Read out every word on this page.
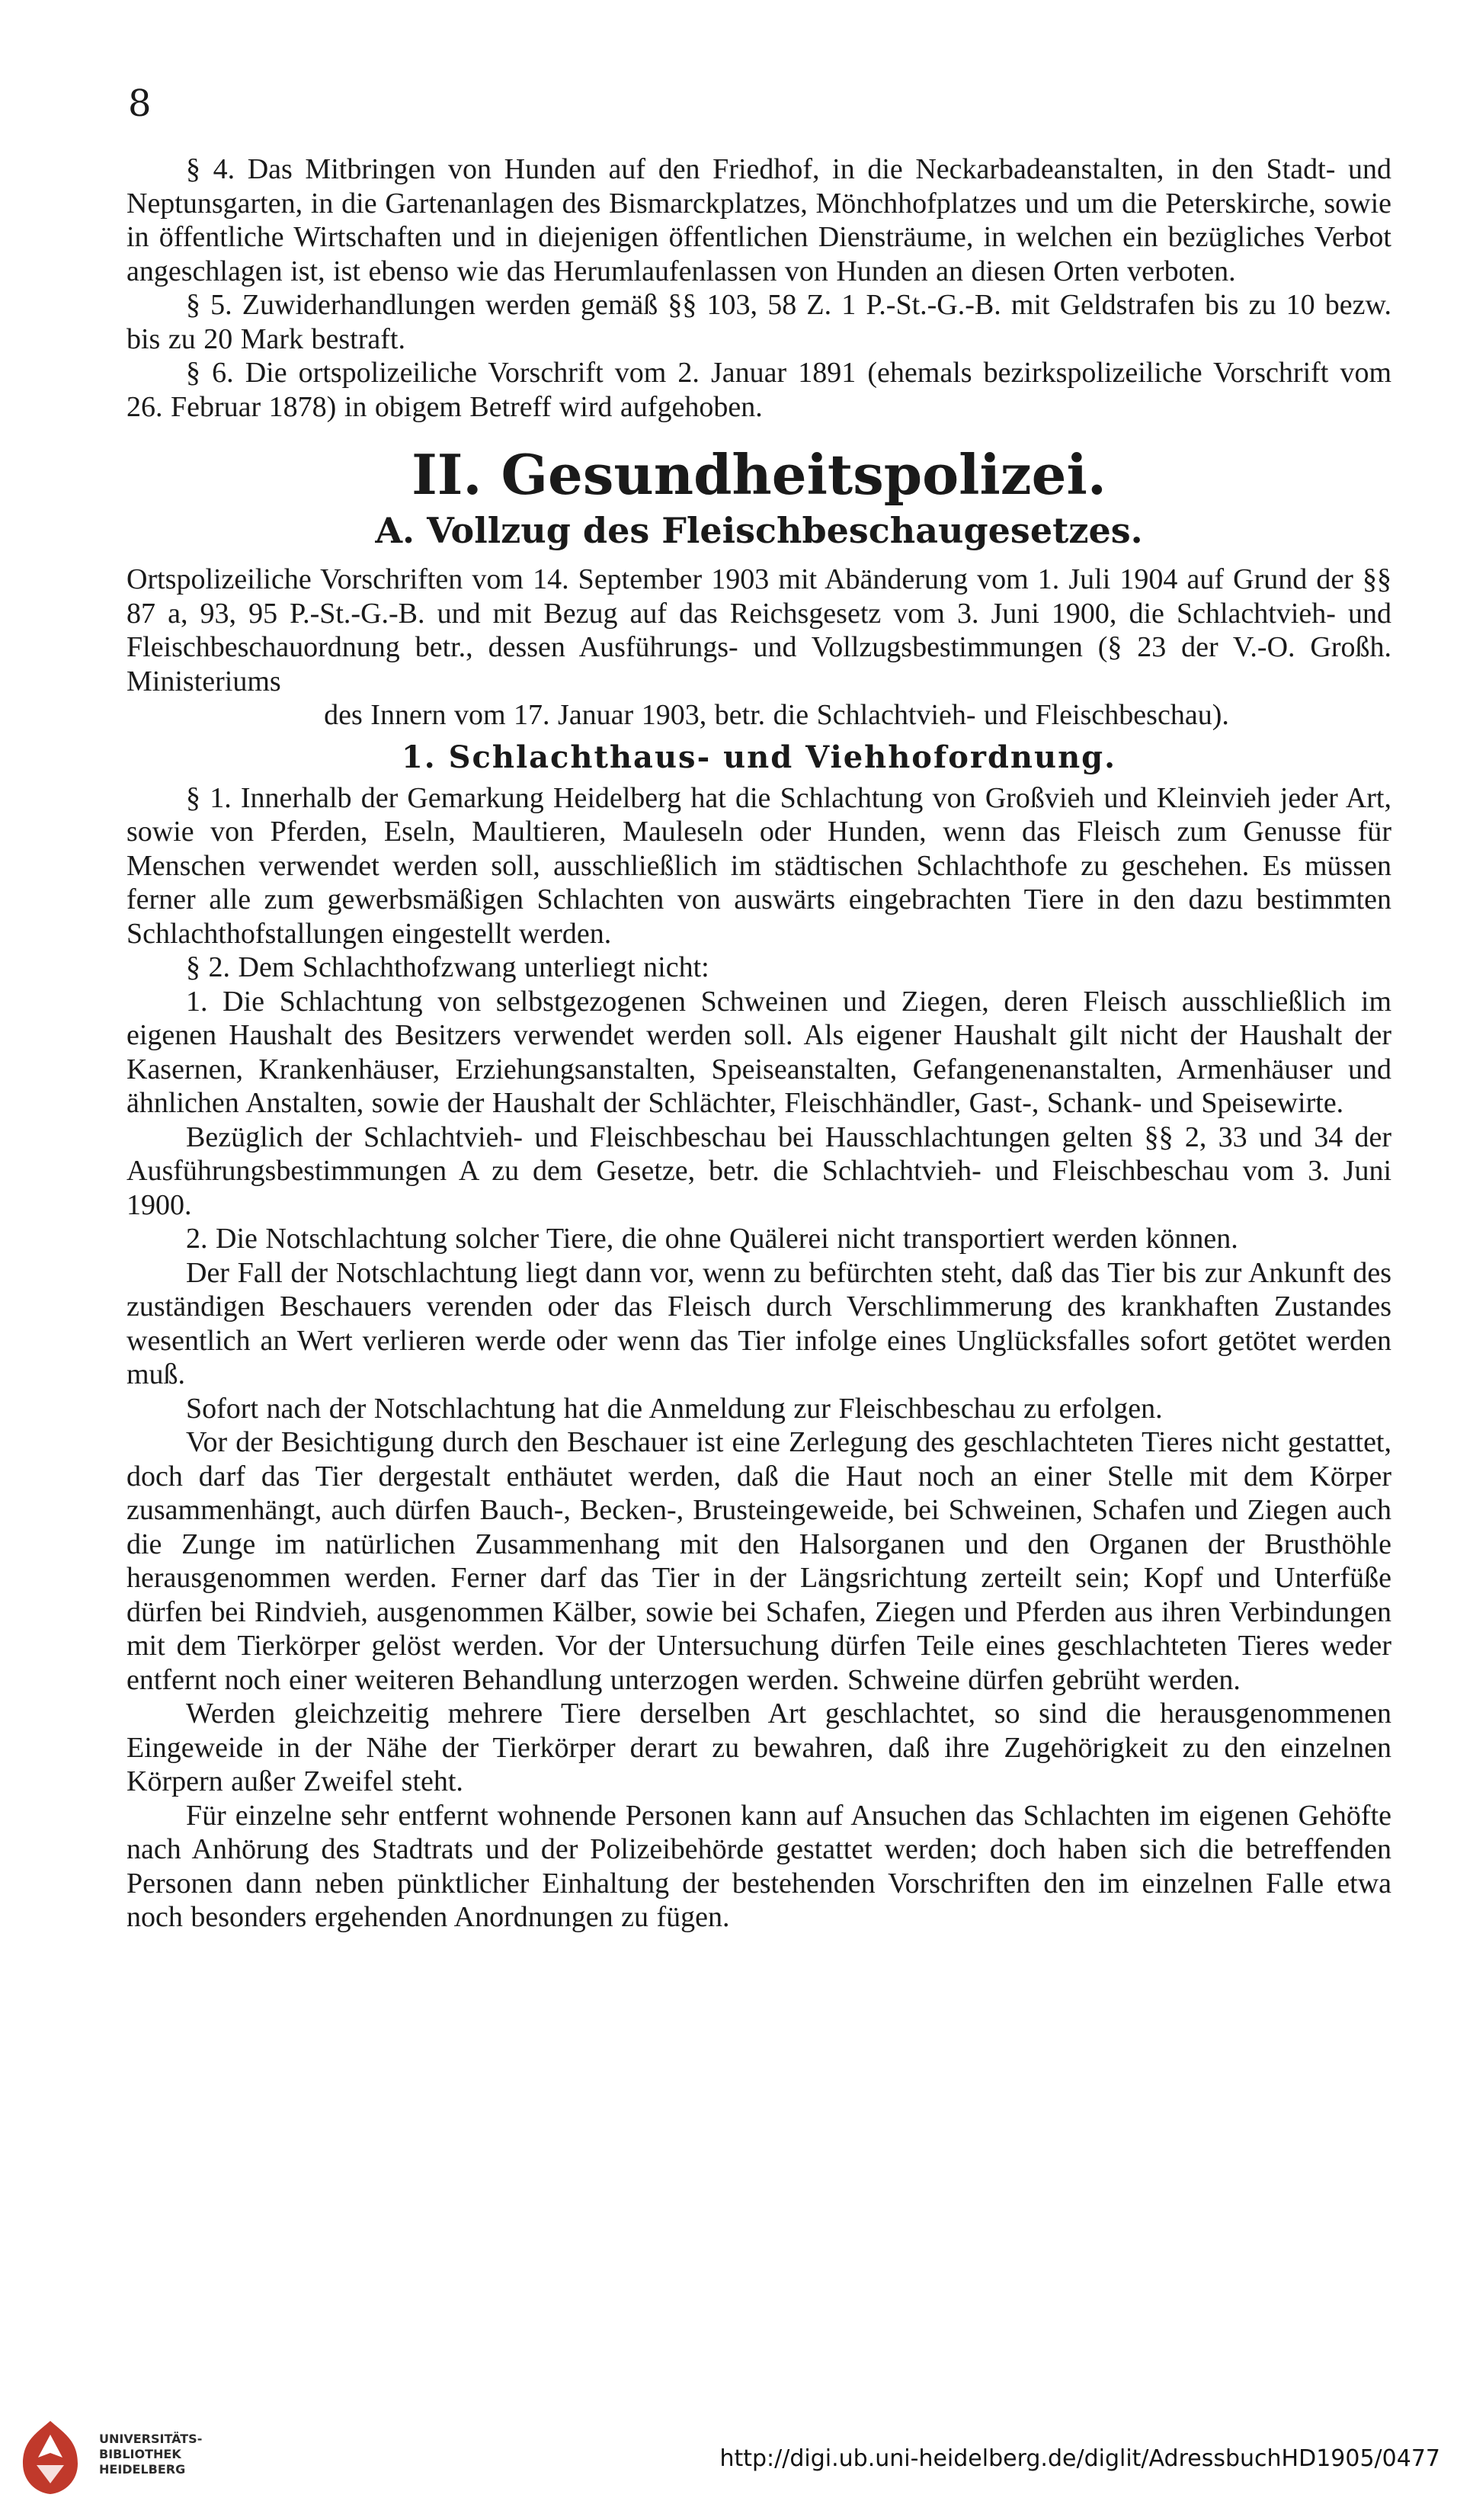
8

§ 4. Das Mitbringen von Hunden auf den Friedhof, in die Neckarbadeanstalten, in den Stadt- und Neptunsgarten, in die Gartenanlagen des Bismarckplatzes, Mönchhofplatzes und um die Peterskirche, sowie in öffentliche Wirtschaften und in diejenigen öffentlichen Diensträume, in welchen ein bezügliches Verbot angeschlagen ist, ist ebenso wie das Herumlaufenlassen von Hunden an diesen Orten verboten.

§ 5. Zuwiderhandlungen werden gemäß §§ 103, 58 Z. 1 P.-St.-G.-B. mit Geldstrafen bis zu 10 bezw. bis zu 20 Mark bestraft.

§ 6. Die ortspolizeiliche Vorschrift vom 2. Januar 1891 (ehemals bezirkspolizeiliche Vorschrift vom 26. Februar 1878) in obigem Betreff wird aufgehoben.

II. Gesundheitspolizei.
A. Vollzug des Fleischbeschaugesetzes.

Ortspolizeiliche Vorschriften vom 14. September 1903 mit Abänderung vom 1. Juli 1904 auf Grund der §§ 87 a, 93, 95 P.-St.-G.-B. und mit Bezug auf das Reichsgesetz vom 3. Juni 1900, die Schlachtvieh- und Fleischbeschauordnung betr., dessen Ausführungs- und Vollzugsbestimmungen (§ 23 der V.-O. Großh. Ministeriums

des Innern vom 17. Januar 1903, betr. die Schlachtvieh- und Fleischbeschau).

1. Schlachthaus- und Viehhofordnung.

§ 1. Innerhalb der Gemarkung Heidelberg hat die Schlachtung von Großvieh und Kleinvieh jeder Art, sowie von Pferden, Eseln, Maultieren, Mauleseln oder Hunden, wenn das Fleisch zum Genusse für Menschen verwendet werden soll, ausschließlich im städtischen Schlachthofe zu geschehen. Es müssen ferner alle zum gewerbsmäßigen Schlachten von auswärts eingebrachten Tiere in den dazu bestimmten Schlachthofstallungen eingestellt werden.

§ 2. Dem Schlachthofzwang unterliegt nicht:

1. Die Schlachtung von selbstgezogenen Schweinen und Ziegen, deren Fleisch ausschließlich im eigenen Haushalt des Besitzers verwendet werden soll. Als eigener Haushalt gilt nicht der Haushalt der Kasernen, Krankenhäuser, Erziehungsanstalten, Speiseanstalten, Gefangenenanstalten, Armenhäuser und ähnlichen Anstalten, sowie der Haushalt der Schlächter, Fleischhändler, Gast-, Schank- und Speisewirte.

Bezüglich der Schlachtvieh- und Fleischbeschau bei Hausschlachtungen gelten §§ 2, 33 und 34 der Ausführungsbestimmungen A zu dem Gesetze, betr. die Schlachtvieh- und Fleischbeschau vom 3. Juni 1900.

2. Die Notschlachtung solcher Tiere, die ohne Quälerei nicht transportiert werden können.

Der Fall der Notschlachtung liegt dann vor, wenn zu befürchten steht, daß das Tier bis zur Ankunft des zuständigen Beschauers verenden oder das Fleisch durch Verschlimmerung des krankhaften Zustandes wesentlich an Wert verlieren werde oder wenn das Tier infolge eines Unglücksfalles sofort getötet werden muß.

Sofort nach der Notschlachtung hat die Anmeldung zur Fleischbeschau zu erfolgen.

Vor der Besichtigung durch den Beschauer ist eine Zerlegung des geschlachteten Tieres nicht gestattet, doch darf das Tier dergestalt enthäutet werden, daß die Haut noch an einer Stelle mit dem Körper zusammenhängt, auch dürfen Bauch-, Becken-, Brusteingeweide, bei Schweinen, Schafen und Ziegen auch die Zunge im natürlichen Zusammenhang mit den Halsorganen und den Organen der Brusthöhle herausgenommen werden. Ferner darf das Tier in der Längsrichtung zerteilt sein; Kopf und Unterfüße dürfen bei Rindvieh, ausgenommen Kälber, sowie bei Schafen, Ziegen und Pferden aus ihren Verbindungen mit dem Tierkörper gelöst werden. Vor der Untersuchung dürfen Teile eines geschlachteten Tieres weder entfernt noch einer weiteren Behandlung unterzogen werden. Schweine dürfen gebrüht werden.

Werden gleichzeitig mehrere Tiere derselben Art geschlachtet, so sind die herausgenommenen Eingeweide in der Nähe der Tierkörper derart zu bewahren, daß ihre Zugehörigkeit zu den einzelnen Körpern außer Zweifel steht.

Für einzelne sehr entfernt wohnende Personen kann auf Ansuchen das Schlachten im eigenen Gehöfte nach Anhörung des Stadtrats und der Polizeibehörde gestattet werden; doch haben sich die betreffenden Personen dann neben pünktlicher Einhaltung der bestehenden Vorschriften den im einzelnen Falle etwa noch besonders ergehenden Anordnungen zu fügen.

UNIVERSITÄTS-
BIBLIOTHEK
HEIDELBERG	http://digi.ub.uni-heidelberg.de/diglit/AdressbuchHD1905/0477
